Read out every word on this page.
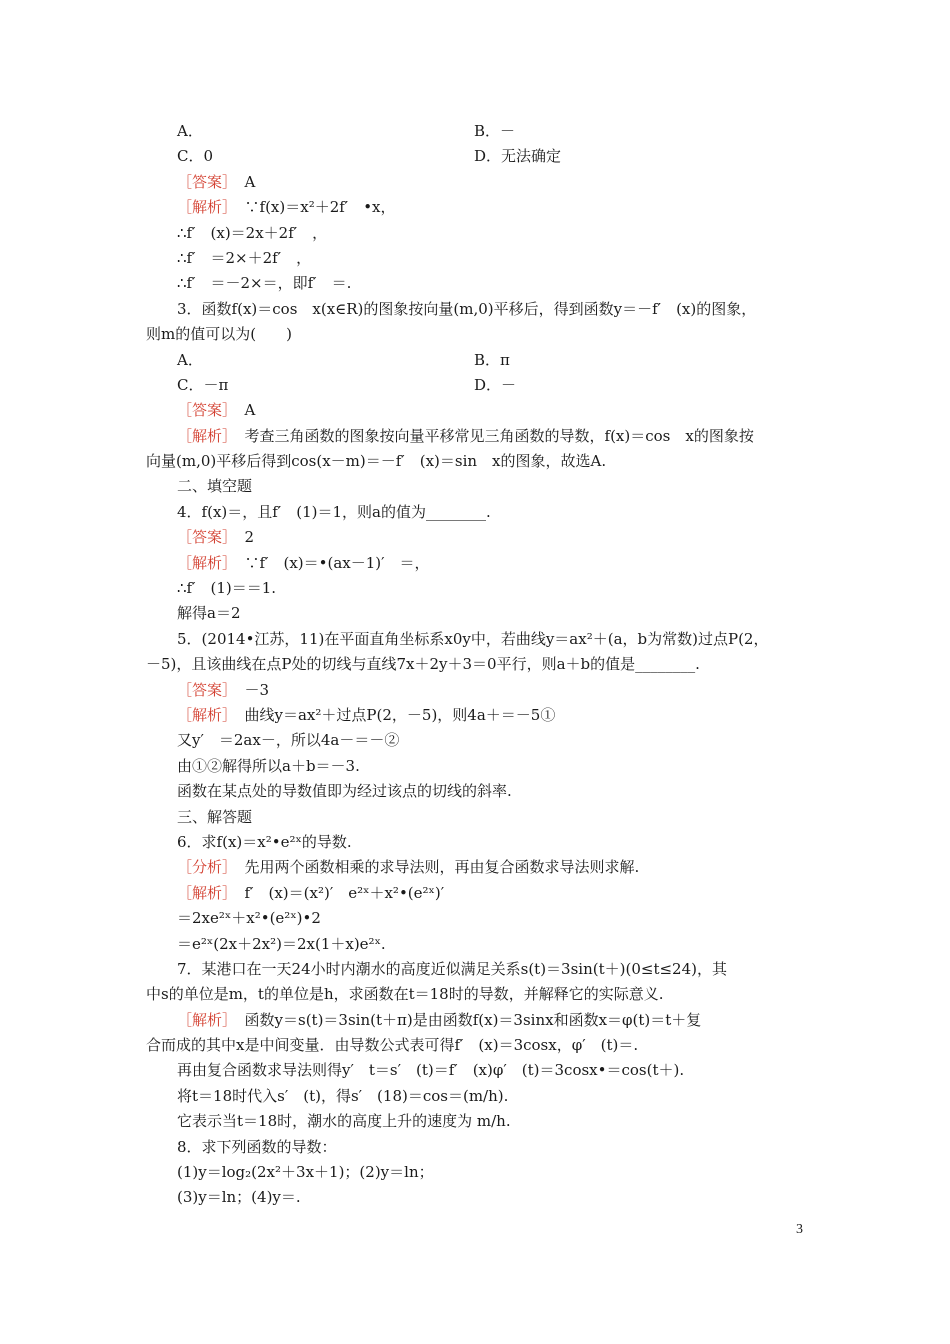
A．	B．－
C．0	D．无法确定
［答案］　A
［解析］　∵f(x)＝x²＋2f′　•x，
∴f′　(x)＝2x＋2f′　，
∴f′　＝2×＋2f′　，
∴f′　＝－2×＝，即f′　＝.
3．函数f(x)＝cos　x(x∈R)的图象按向量(m,0)平移后，得到函数y＝－f′　(x)的图象，
则m的值可以为(　　)
A．	B．π
C．－π	D．－
［答案］　A
［解析］　考查三角函数的图象按向量平移常见三角函数的导数，f(x)＝cos　x的图象按
向量(m,0)平移后得到cos(x－m)＝－f′　(x)＝sin　x的图象，故选A.
二、填空题
4．f(x)＝，且f′　(1)＝1，则a的值为________.
［答案］　2
［解析］　∵f′　(x)＝•(ax－1)′　＝，
∴f′　(1)＝＝1.
解得a＝2
5．(2014•江苏，11)在平面直角坐标系x0y中，若曲线y＝ax²＋(a，b为常数)过点P(2，
－5)，且该曲线在点P处的切线与直线7x＋2y＋3＝0平行，则a＋b的值是________.
［答案］　－3
［解析］　曲线y＝ax²＋过点P(2，－5)，则4a＋＝－5①
又y′　＝2ax－，所以4a－＝－②
由①②解得所以a＋b＝－3.
函数在某点处的导数值即为经过该点的切线的斜率.
三、解答题
6．求f(x)＝x²•e²ˣ的导数.
［分析］　先用两个函数相乘的求导法则，再由复合函数求导法则求解.
［解析］　f′　(x)＝(x²)′　e²ˣ＋x²•(e²ˣ)′
＝2xe²ˣ＋x²•(e²ˣ)•2
＝e²ˣ(2x＋2x²)＝2x(1＋x)e²ˣ.
7．某港口在一天24小时内潮水的高度近似满足关系s(t)＝3sin(t＋)(0≤t≤24)，其
中s的单位是m，t的单位是h，求函数在t＝18时的导数，并解释它的实际意义.
［解析］　函数y＝s(t)＝3sin(t＋π)是由函数f(x)＝3sinx和函数x＝φ(t)＝t＋复
合而成的其中x是中间变量．由导数公式表可得f′　(x)＝3cosx，φ′　(t)＝.
再由复合函数求导法则得y′　t＝s′　(t)＝f′　(x)φ′　(t)＝3cosx•＝cos(t＋).
将t＝18时代入s′　(t)，得s′　(18)＝cos＝(m/h).
它表示当t＝18时，潮水的高度上升的速度为 m/h.
8．求下列函数的导数：
(1)y＝log₂(2x²＋3x＋1)；(2)y＝ln；
(3)y＝ln；(4)y＝.
3
